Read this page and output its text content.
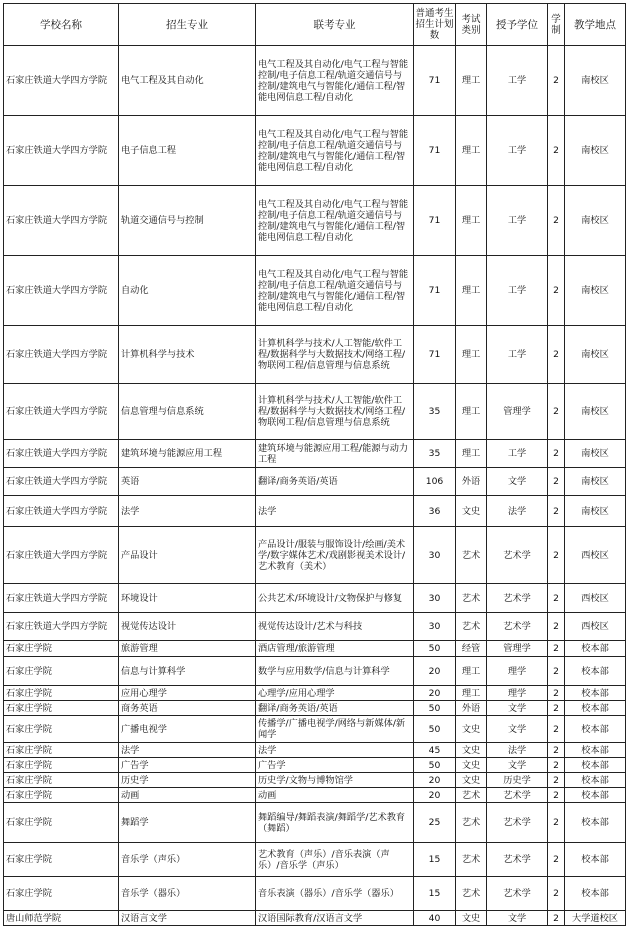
学校名称	招生专业	联考专业	普通考生招生计划数	考试类别	授予学位	学制	教学地点
石家庄铁道大学四方学院	电气工程及其自动化	电气工程及其自动化/电气工程与智能控制/电子信息工程/轨道交通信号与控制/建筑电气与智能化/通信工程/智能电网信息工程/自动化	71	理工	工学	2	南校区
石家庄铁道大学四方学院	电子信息工程	电气工程及其自动化/电气工程与智能控制/电子信息工程/轨道交通信号与控制/建筑电气与智能化/通信工程/智能电网信息工程/自动化	71	理工	工学	2	南校区
石家庄铁道大学四方学院	轨道交通信号与控制	电气工程及其自动化/电气工程与智能控制/电子信息工程/轨道交通信号与控制/建筑电气与智能化/通信工程/智能电网信息工程/自动化	71	理工	工学	2	南校区
石家庄铁道大学四方学院	自动化	电气工程及其自动化/电气工程与智能控制/电子信息工程/轨道交通信号与控制/建筑电气与智能化/通信工程/智能电网信息工程/自动化	71	理工	工学	2	南校区
石家庄铁道大学四方学院	计算机科学与技术	计算机科学与技术/人工智能/软件工程/数据科学与大数据技术/网络工程/物联网工程/信息管理与信息系统	71	理工	工学	2	南校区
石家庄铁道大学四方学院	信息管理与信息系统	计算机科学与技术/人工智能/软件工程/数据科学与大数据技术/网络工程/物联网工程/信息管理与信息系统	35	理工	管理学	2	南校区
石家庄铁道大学四方学院	建筑环境与能源应用工程	建筑环境与能源应用工程/能源与动力工程	35	理工	工学	2	南校区
石家庄铁道大学四方学院	英语	翻译/商务英语/英语	106	外语	文学	2	南校区
石家庄铁道大学四方学院	法学	法学	36	文史	法学	2	南校区
石家庄铁道大学四方学院	产品设计	产品设计/服装与服饰设计/绘画/美术学/数字媒体艺术/戏剧影视美术设计/艺术教育（美术）	30	艺术	艺术学	2	西校区
石家庄铁道大学四方学院	环境设计	公共艺术/环境设计/文物保护与修复	30	艺术	艺术学	2	西校区
石家庄铁道大学四方学院	视觉传达设计	视觉传达设计/艺术与科技	30	艺术	艺术学	2	西校区
石家庄学院	旅游管理	酒店管理/旅游管理	50	经管	管理学	2	校本部
石家庄学院	信息与计算科学	数学与应用数学/信息与计算科学	20	理工	理学	2	校本部
石家庄学院	应用心理学	心理学/应用心理学	20	理工	理学	2	校本部
石家庄学院	商务英语	翻译/商务英语/英语	50	外语	文学	2	校本部
石家庄学院	广播电视学	传播学/广播电视学/网络与新媒体/新闻学	50	文史	文学	2	校本部
石家庄学院	法学	法学	45	文史	法学	2	校本部
石家庄学院	广告学	广告学	50	文史	文学	2	校本部
石家庄学院	历史学	历史学/文物与博物馆学	20	文史	历史学	2	校本部
石家庄学院	动画	动画	20	艺术	艺术学	2	校本部
石家庄学院	舞蹈学	舞蹈编导/舞蹈表演/舞蹈学/艺术教育（舞蹈）	25	艺术	艺术学	2	校本部
石家庄学院	音乐学（声乐）	艺术教育（声乐）/音乐表演（声乐）/音乐学（声乐）	15	艺术	艺术学	2	校本部
石家庄学院	音乐学（器乐）	音乐表演（器乐）/音乐学（器乐）	15	艺术	艺术学	2	校本部
唐山师范学院	汉语言文学	汉语国际教育/汉语言文学	40	文史	文学	2	大学道校区
